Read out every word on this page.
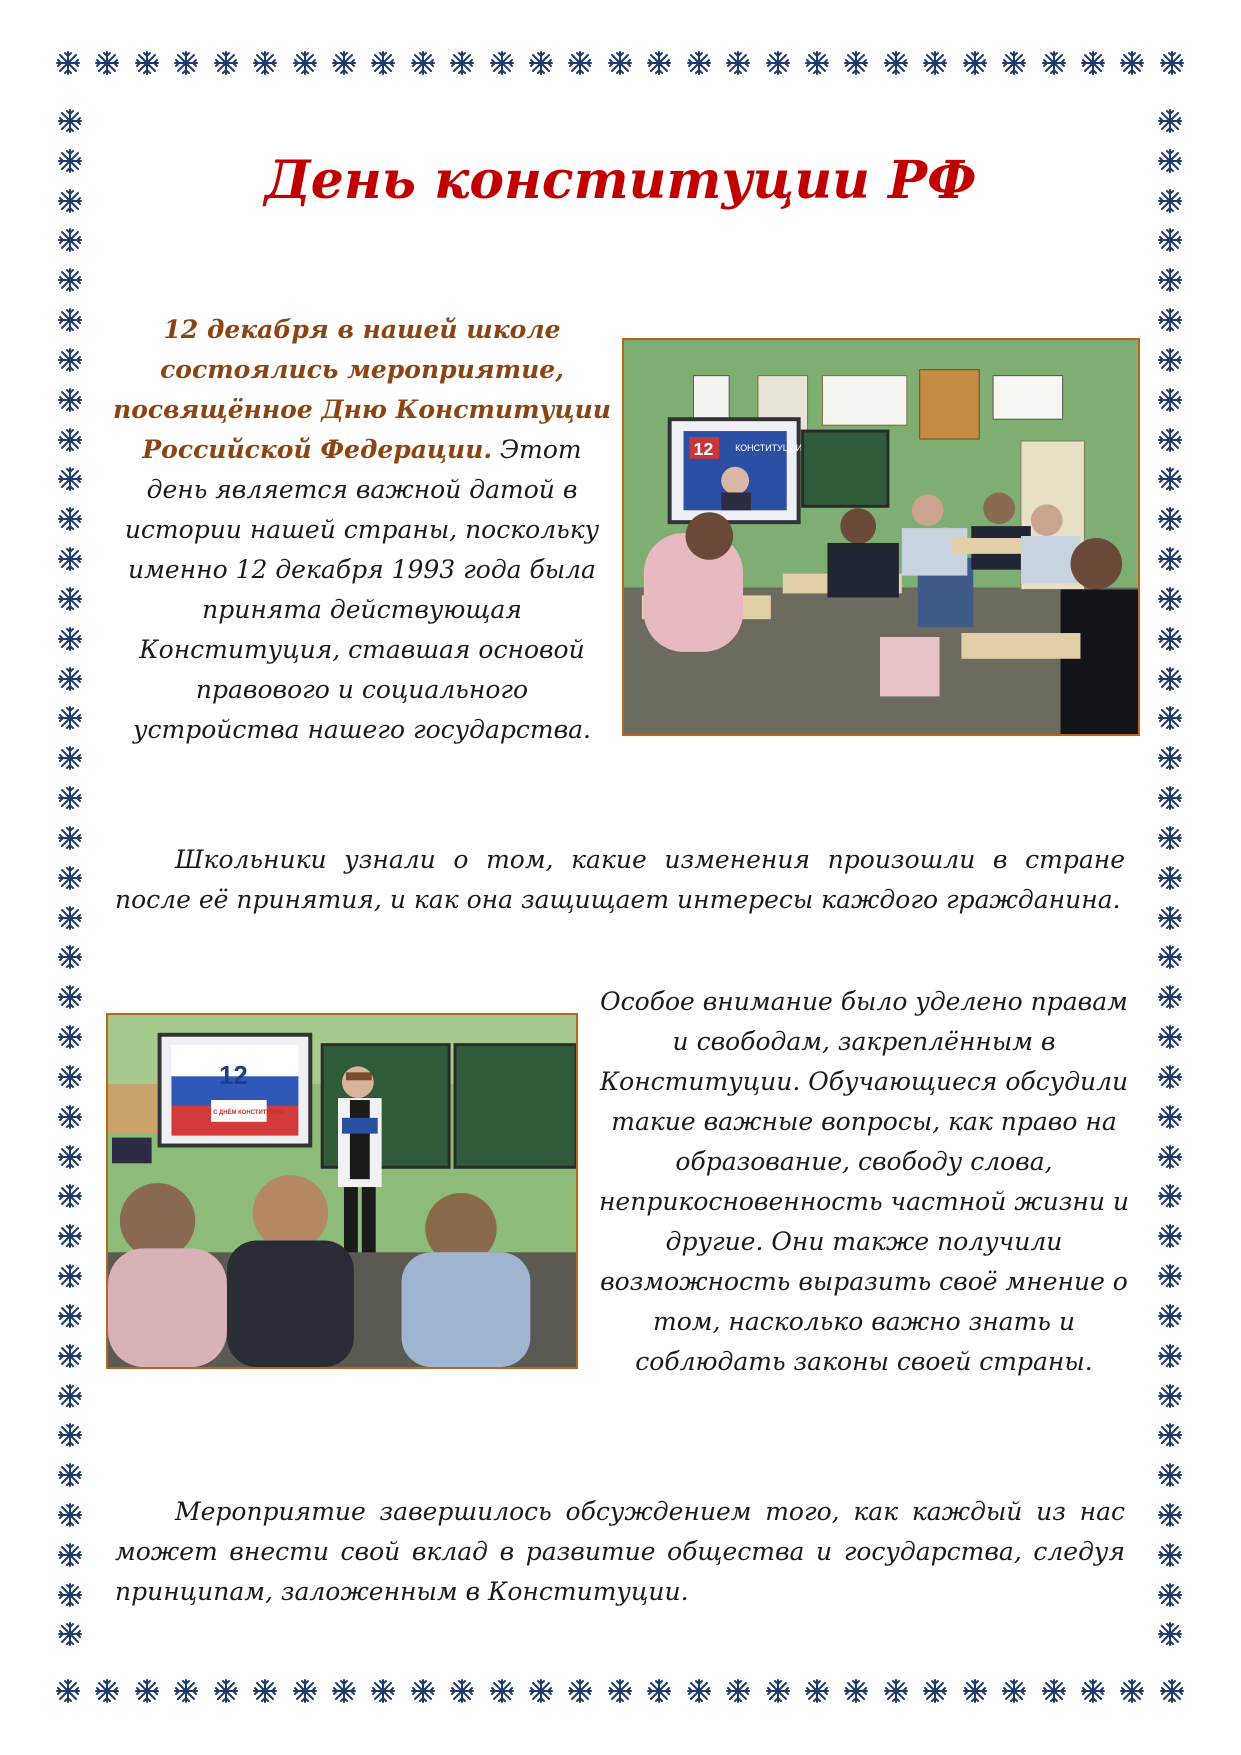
День конституции РФ
12 декабря в нашей школе состоялись мероприятие, посвящённое Дню Конституции Российской Федерации. Этот день является важной датой в истории нашей страны, поскольку именно 12 декабря 1993 года была принята действующая Конституция, ставшая основой правового и социального устройства нашего государства.
12 КОНСТИТУЦИИ
Школьники узнали о том, какие изменения произошли в стране после её принятия, и как она защищает интересы каждого гражданина.
12
С ДНЁМ КОНСТИТУЦИИ
Особое внимание было уделено правам и свободам, закреплённым в Конституции. Обучающиеся обсудили такие важные вопросы, как право на образование, свободу слова, неприкосновенность частной жизни и другие. Они также получили возможность выразить своё мнение о том, насколько важно знать и соблюдать законы своей страны.
Мероприятие завершилось обсуждением того, как каждый из нас может внести свой вклад в развитие общества и государства, следуя принципам, заложенным в Конституции.
